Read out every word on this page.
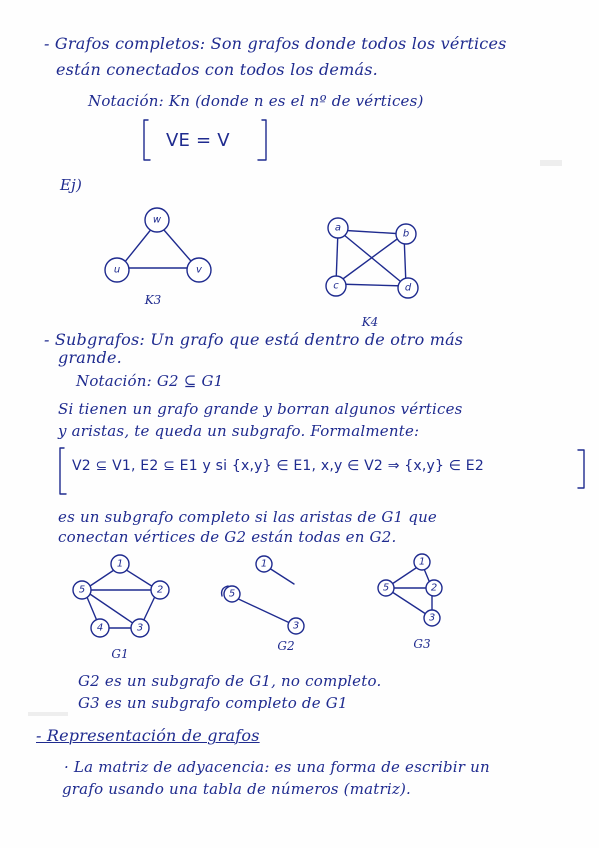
- Grafos completos: Son grafos donde todos los vértices
están conectados con todos los demás.
Notación: Kn (donde n es el nº de vértices)
VE = V
Ej)
w
u	v
K3
a
b
c	d
K4
- Subgrafos: Un grafo que está dentro de otro más
grande.
Notación: G2 ⊆ G1
Si tienen un grafo grande y borran algunos vértices
y aristas, te queda un subgrafo. Formalmente:
V2 ⊆ V1, E2 ⊆ E1 y si {x,y} ∈ E1, x,y ∈ V2 ⇒ {x,y} ∈ E2
es un subgrafo completo si las aristas de G1 que
conectan vértices de G2 están todas en G2.
1
2
3
4
5
G1
1
3
5
G2
1
2
3
5
G3
G2 es un subgrafo de G1, no completo.
G3 es un subgrafo completo de G1
- Representación de grafos
· La matriz de adyacencia: es una forma de escribir un
grafo usando una tabla de números (matriz).
